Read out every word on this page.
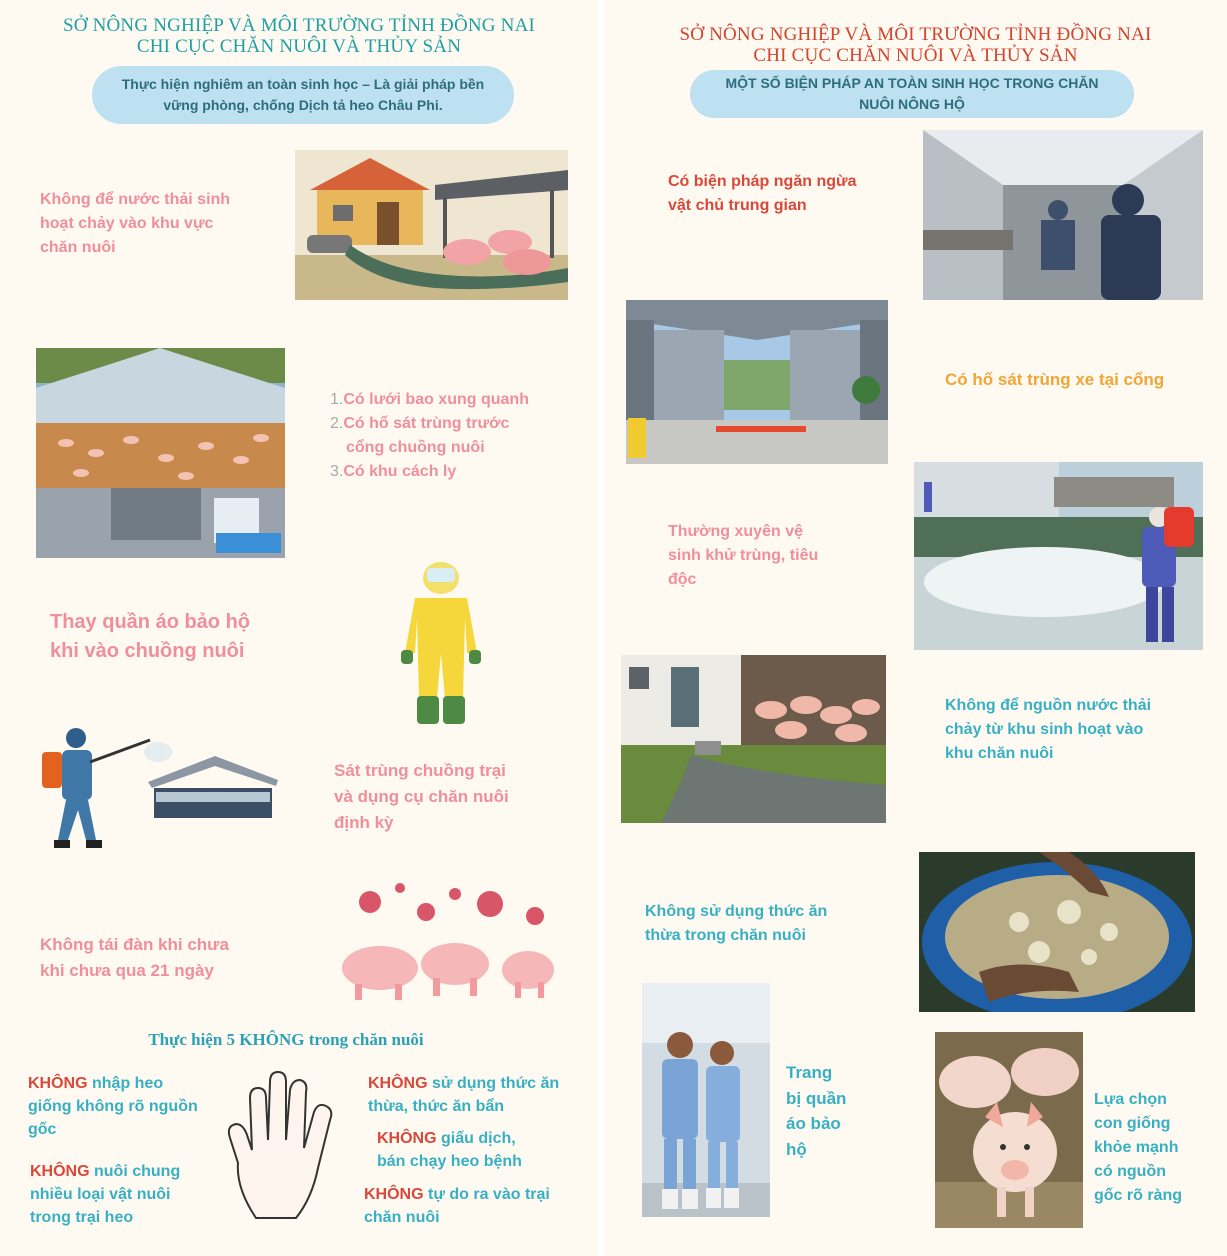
SỞ NÔNG NGHIỆP VÀ MÔI TRƯỜNG TỈNH ĐỒNG NAI
CHI CỤC CHĂN NUÔI VÀ THỦY SẢN
Thực hiện nghiêm an toàn sinh học – Là giải pháp bền
vững phòng, chống Dịch tả heo Châu Phi.
Không để nước thải sinh
hoạt chảy vào khu vực
chăn nuôi
1.Có lưới bao xung quanh
2.Có hố sát trùng trước
cổng chuồng nuôi
3.Có khu cách ly
Thay quần áo bảo hộ
khi vào chuồng nuôi
Sát trùng chuồng trại
và dụng cụ chăn nuôi
định kỳ
Không tái đàn khi chưa
khi chưa qua 21 ngày
Thực hiện 5 KHÔNG trong chăn nuôi
KHÔNG nhập heo
giống không rõ nguồn
gốc
KHÔNG nuôi chung
nhiều loại vật nuôi
trong trại heo
KHÔNG sử dụng thức ăn
thừa, thức ăn bẩn
KHÔNG giấu dịch,
bán chạy heo bệnh
KHÔNG tự do ra vào trại
chăn nuôi
SỞ NÔNG NGHIỆP VÀ MÔI TRƯỜNG TỈNH ĐỒNG NAI
CHI CỤC CHĂN NUÔI VÀ THỦY SẢN
MỘT SỐ BIỆN PHÁP AN TOÀN SINH HỌC TRONG CHĂN
NUÔI NÔNG HỘ
Có biện pháp ngăn ngừa
vật chủ trung gian
Có hố sát trùng xe tại cổng
Thường xuyên vệ
sinh khử trùng, tiêu
độc
Không để nguồn nước thải
chảy từ khu sinh hoạt vào
khu chăn nuôi
Không sử dụng thức ăn
thừa trong chăn nuôi
Trang
bị quần
áo bảo
hộ
Lựa chọn
con giống
khỏe mạnh
có nguồn
gốc rõ ràng
